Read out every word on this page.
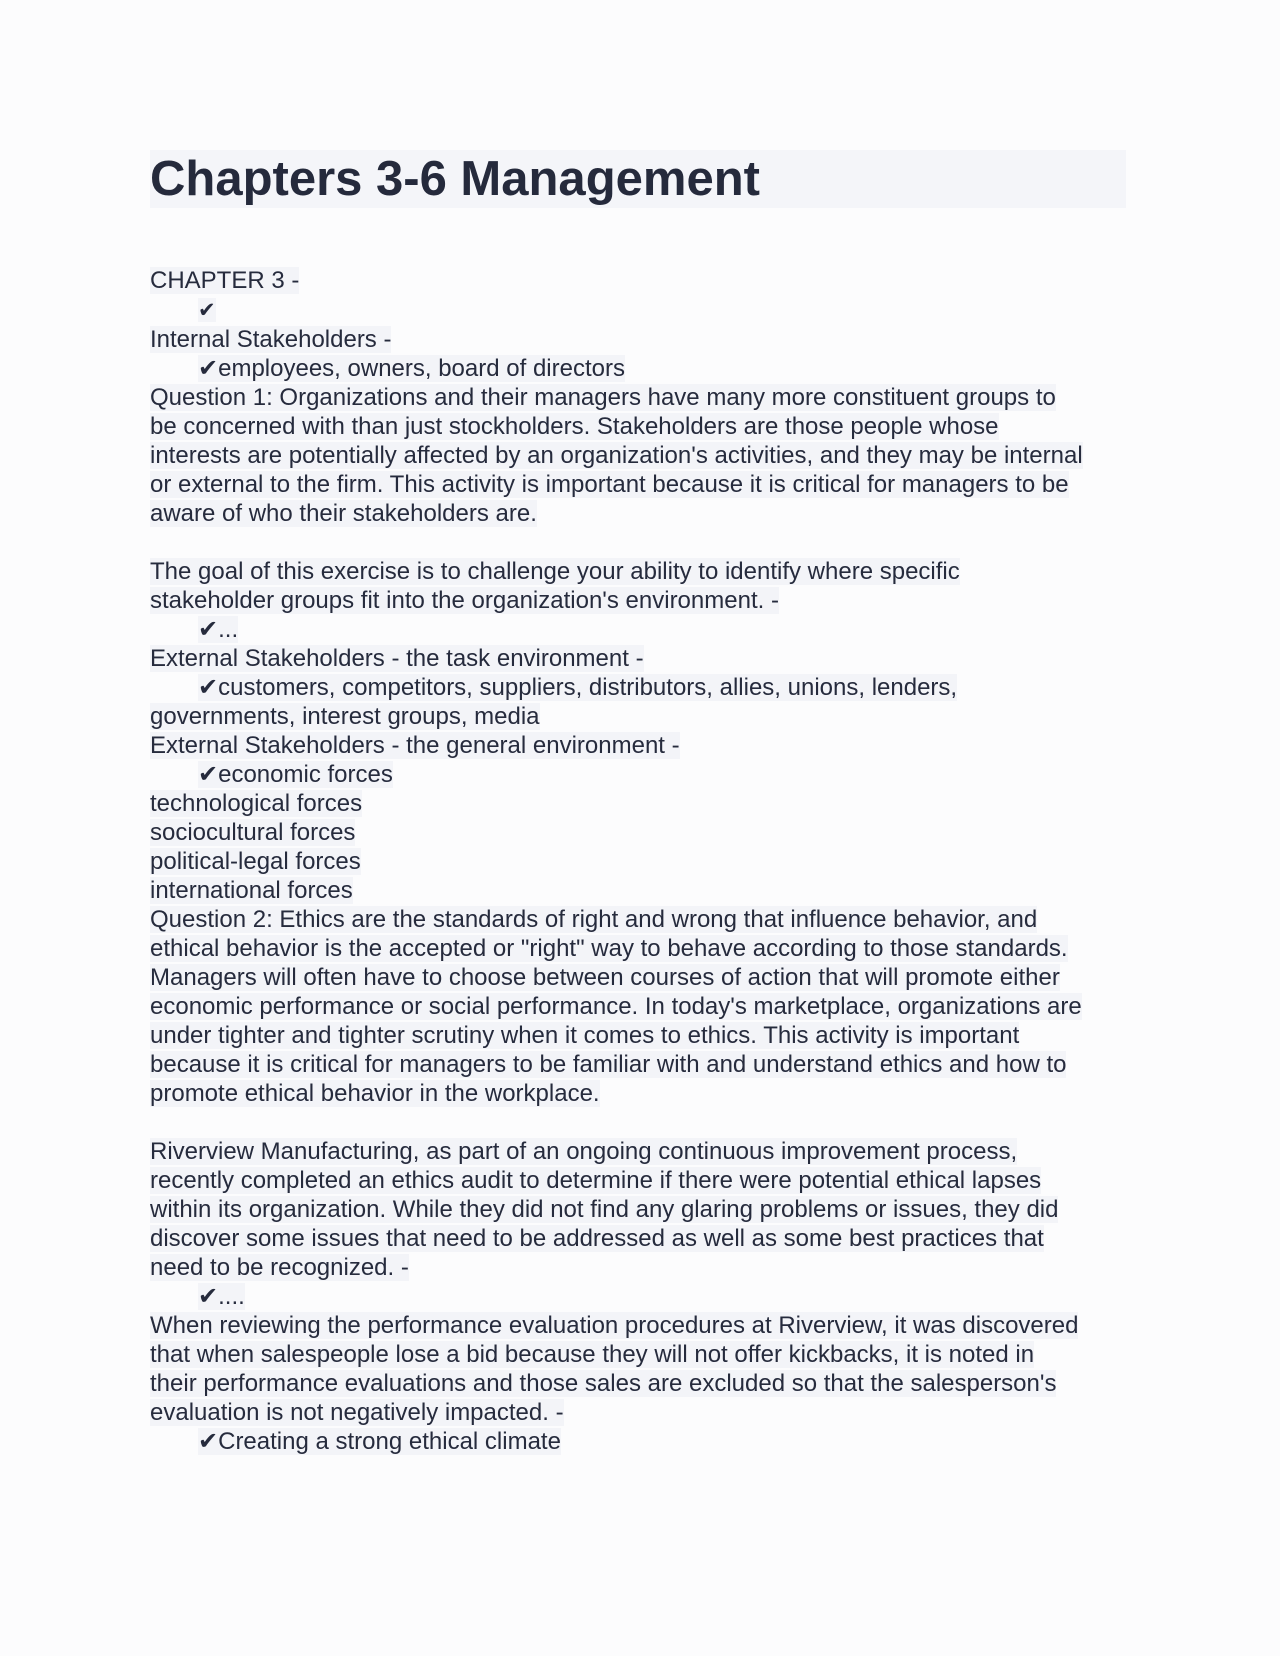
Chapters 3-6 Management
CHAPTER 3 -
✔
Internal Stakeholders -
✔employees, owners, board of directors
Question 1: Organizations and their managers have many more constituent groups to
be concerned with than just stockholders. Stakeholders are those people whose
interests are potentially affected by an organization's activities, and they may be internal
or external to the firm. This activity is important because it is critical for managers to be
aware of who their stakeholders are.
The goal of this exercise is to challenge your ability to identify where specific
stakeholder groups fit into the organization's environment. -
✔...
External Stakeholders - the task environment -
✔customers, competitors, suppliers, distributors, allies, unions, lenders,
governments, interest groups, media
External Stakeholders - the general environment -
✔economic forces
technological forces
sociocultural forces
political-legal forces
international forces
Question 2: Ethics are the standards of right and wrong that influence behavior, and
ethical behavior is the accepted or "right" way to behave according to those standards.
Managers will often have to choose between courses of action that will promote either
economic performance or social performance. In today's marketplace, organizations are
under tighter and tighter scrutiny when it comes to ethics. This activity is important
because it is critical for managers to be familiar with and understand ethics and how to
promote ethical behavior in the workplace.
Riverview Manufacturing, as part of an ongoing continuous improvement process,
recently completed an ethics audit to determine if there were potential ethical lapses
within its organization. While they did not find any glaring problems or issues, they did
discover some issues that need to be addressed as well as some best practices that
need to be recognized. -
✔....
When reviewing the performance evaluation procedures at Riverview, it was discovered
that when salespeople lose a bid because they will not offer kickbacks, it is noted in
their performance evaluations and those sales are excluded so that the salesperson's
evaluation is not negatively impacted. -
✔Creating a strong ethical climate
